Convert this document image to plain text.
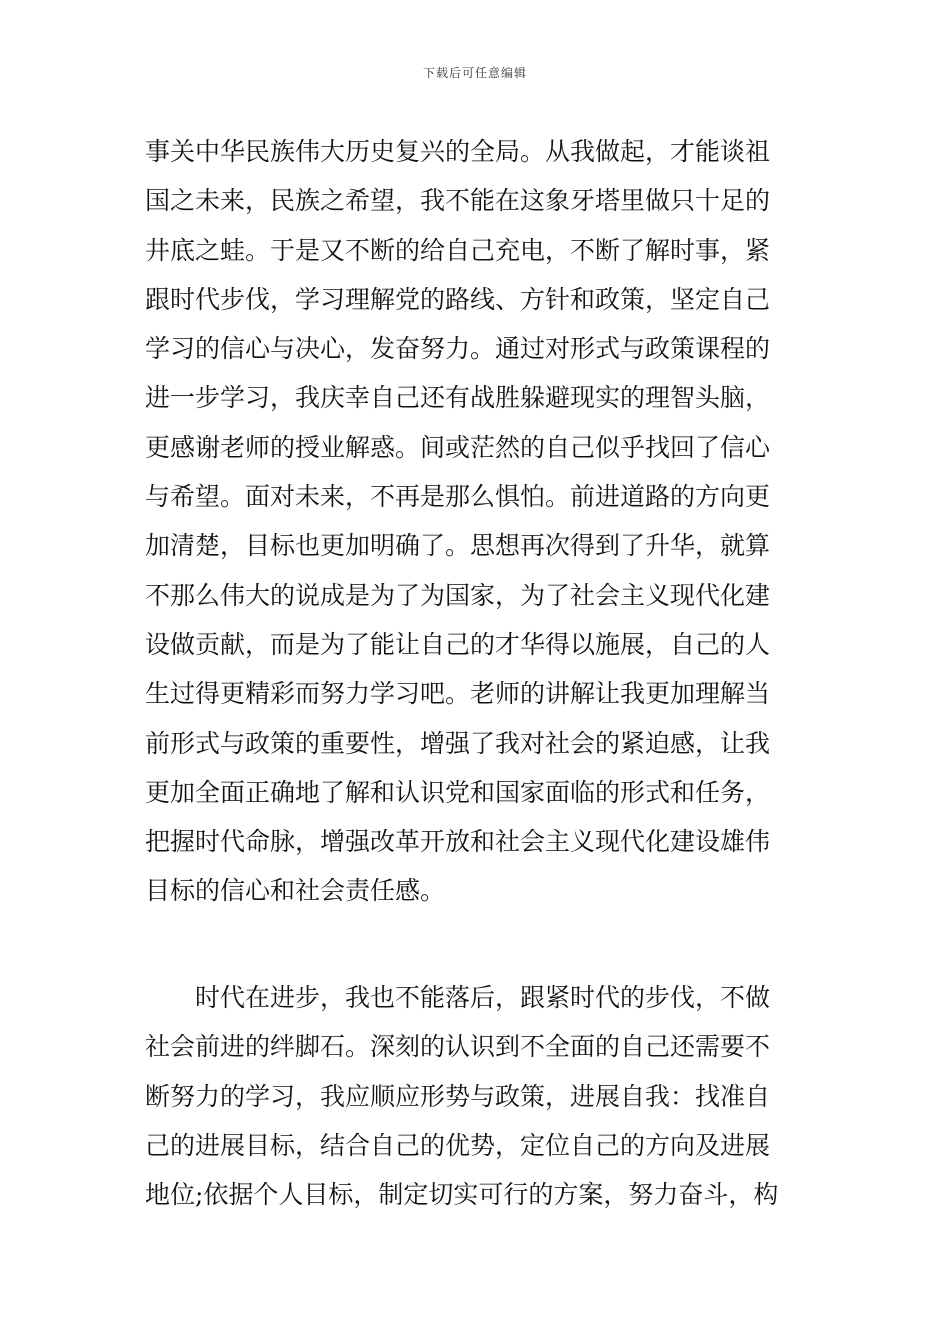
下载后可任意编辑
事关中华民族伟大历史复兴的全局。从我做起，才能谈祖
国之未来，民族之希望，我不能在这象牙塔里做只十足的
井底之蛙。于是又不断的给自己充电，不断了解时事，紧
跟时代步伐，学习理解党的路线、方针和政策，坚定自己
学习的信心与决心，发奋努力。通过对形式与政策课程的
进一步学习，我庆幸自己还有战胜躲避现实的理智头脑，
更感谢老师的授业解惑。间或茫然的自己似乎找回了信心
与希望。面对未来，不再是那么惧怕。前进道路的方向更
加清楚，目标也更加明确了。思想再次得到了升华，就算
不那么伟大的说成是为了为国家，为了社会主义现代化建
设做贡献，而是为了能让自己的才华得以施展，自己的人
生过得更精彩而努力学习吧。老师的讲解让我更加理解当
前形式与政策的重要性，增强了我对社会的紧迫感，让我
更加全面正确地了解和认识党和国家面临的形式和任务，
把握时代命脉，增强改革开放和社会主义现代化建设雄伟
目标的信心和社会责任感。
时代在进步，我也不能落后，跟紧时代的步伐，不做
社会前进的绊脚石。深刻的认识到不全面的自己还需要不
断努力的学习，我应顺应形势与政策，进展自我：找准自
己的进展目标，结合自己的优势，定位自己的方向及进展
地位;依据个人目标，制定切实可行的方案，努力奋斗，构
